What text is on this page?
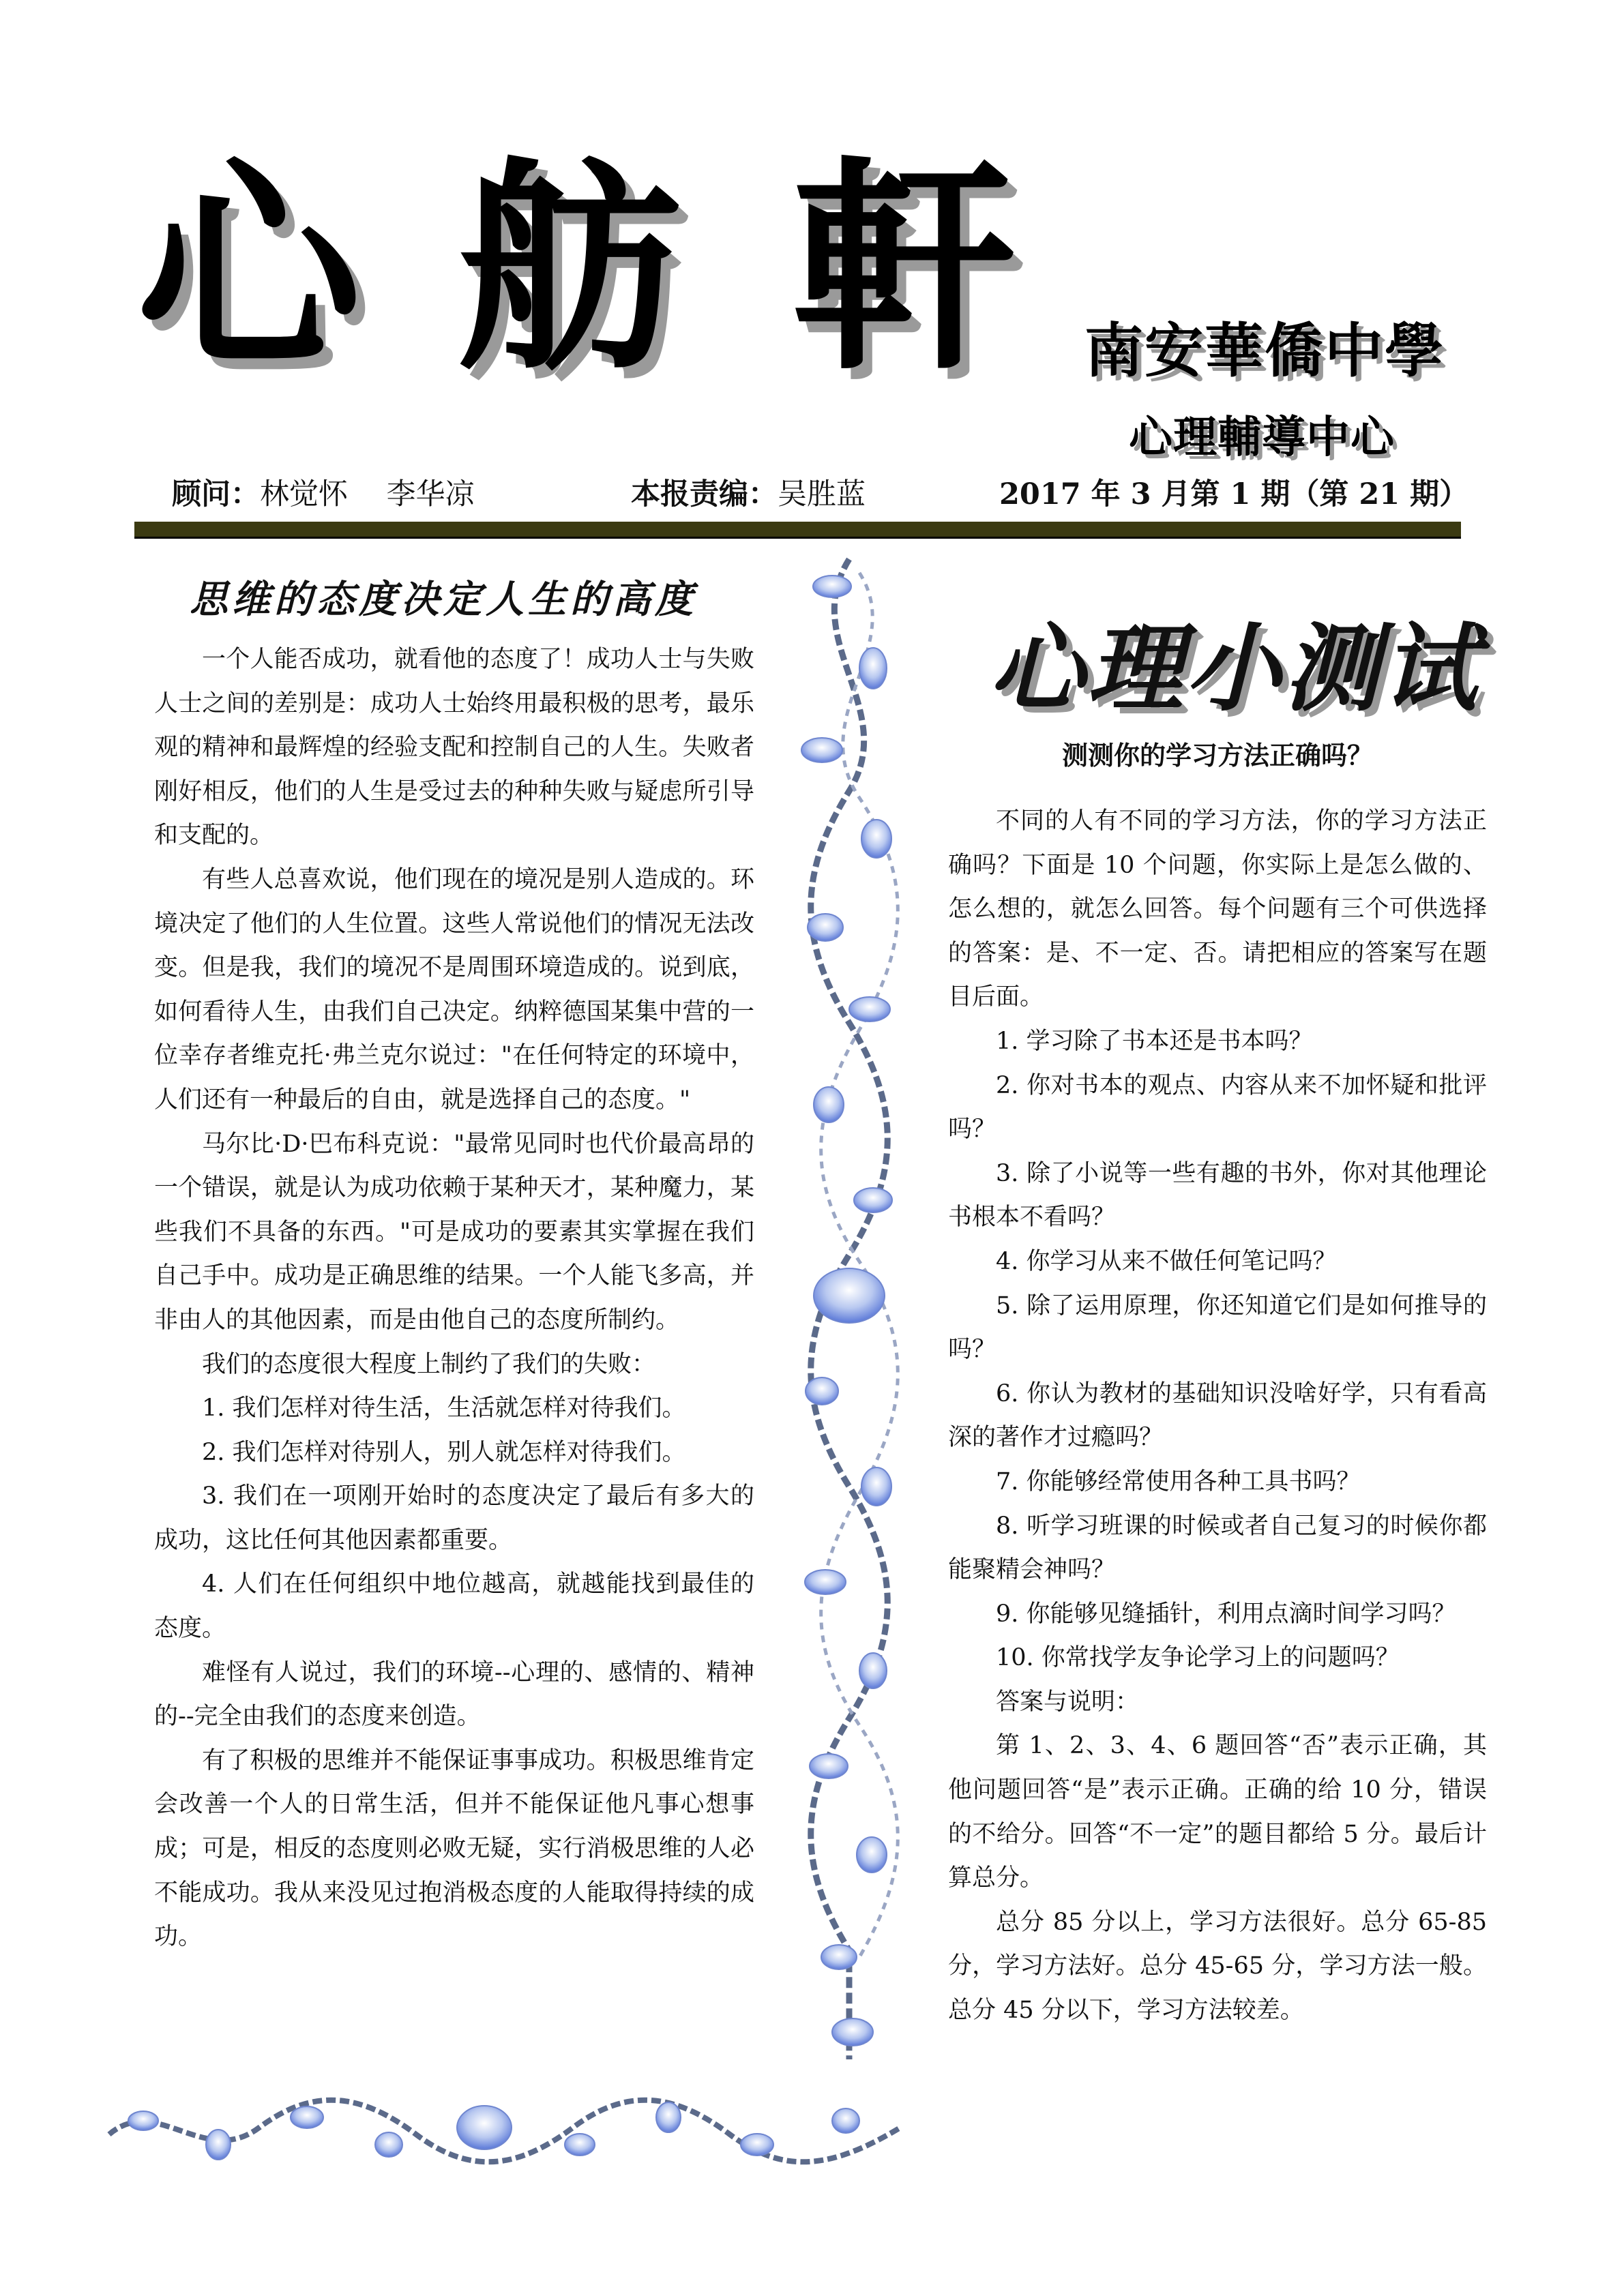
心 舫 軒 南安華僑中學
心理輔導中心
顾问：林觉怀　 李华凉	本报责编：吴胜蓝	2017 年 3 月第 1 期（第 21 期）
思维的态度决定人生的高度

一个人能否成功，就看他的态度了！成功人士与失败人士之间的差别是：成功人士始终用最积极的思考，最乐观的精神和最辉煌的经验支配和控制自己的人生。失败者刚好相反，他们的人生是受过去的种种失败与疑虑所引导和支配的。

有些人总喜欢说，他们现在的境况是别人造成的。环境决定了他们的人生位置。这些人常说他们的情况无法改变。但是我，我们的境况不是周围环境造成的。说到底，如何看待人生，由我们自己决定。纳粹德国某集中营的一位幸存者维克托·弗兰克尔说过："在任何特定的环境中，人们还有一种最后的自由，就是选择自己的态度。"

马尔比·D·巴布科克说："最常见同时也代价最高昂的一个错误，就是认为成功依赖于某种天才，某种魔力，某些我们不具备的东西。"可是成功的要素其实掌握在我们自己手中。成功是正确思维的结果。一个人能飞多高，并非由人的其他因素，而是由他自己的态度所制约。

我们的态度很大程度上制约了我们的失败：

1. 我们怎样对待生活，生活就怎样对待我们。

2. 我们怎样对待别人，别人就怎样对待我们。

3. 我们在一项刚开始时的态度决定了最后有多大的成功，这比任何其他因素都重要。

4. 人们在任何组织中地位越高，就越能找到最佳的态度。

难怪有人说过，我们的环境--心理的、感情的、精神的--完全由我们的态度来创造。

有了积极的思维并不能保证事事成功。积极思维肯定会改善一个人的日常生活，但并不能保证他凡事心想事成；可是，相反的态度则必败无疑，实行消极思维的人必不能成功。我从来没见过抱消极态度的人能取得持续的成功。

心理小测试
测测你的学习方法正确吗？

不同的人有不同的学习方法，你的学习方法正确吗？下面是 10 个问题，你实际上是怎么做的、怎么想的，就怎么回答。每个问题有三个可供选择的答案：是、不一定、否。请把相应的答案写在题目后面。

1. 学习除了书本还是书本吗？

2. 你对书本的观点、内容从来不加怀疑和批评吗？

3. 除了小说等一些有趣的书外，你对其他理论书根本不看吗？

4. 你学习从来不做任何笔记吗？

5. 除了运用原理，你还知道它们是如何推导的吗？

6. 你认为教材的基础知识没啥好学，只有看高深的著作才过瘾吗？

7. 你能够经常使用各种工具书吗？

8. 听学习班课的时候或者自己复习的时候你都能聚精会神吗？

9. 你能够见缝插针，利用点滴时间学习吗？

10. 你常找学友争论学习上的问题吗？

答案与说明：

第 1、2、3、4、6 题回答“否”表示正确，其他问题回答“是”表示正确。正确的给 10 分，错误的不给分。回答“不一定”的题目都给 5 分。最后计算总分。

总分 85 分以上，学习方法很好。总分 65-85 分，学习方法好。总分 45-65 分，学习方法一般。总分 45 分以下，学习方法较差。
